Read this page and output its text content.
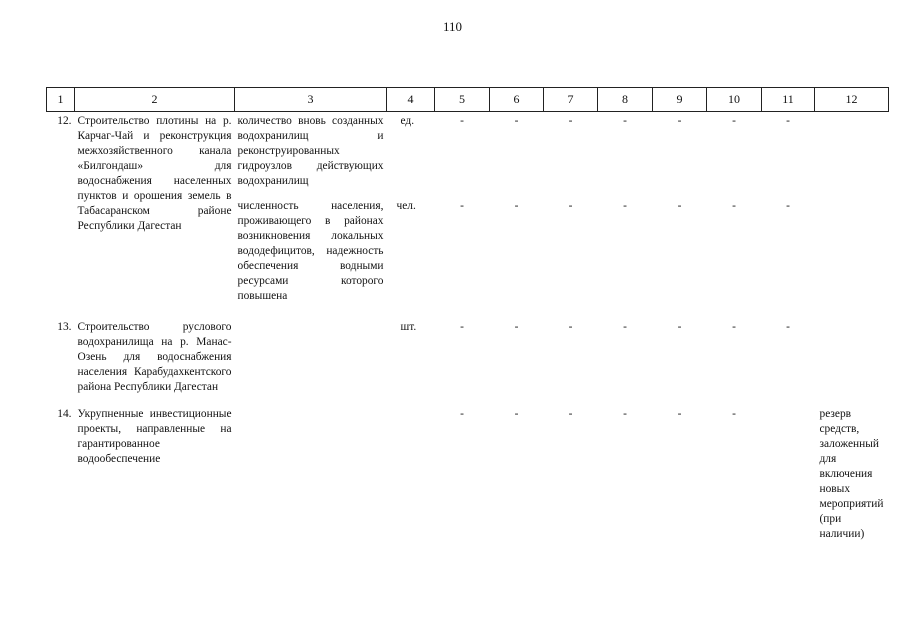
110
1	2	3	4	5	6	7	8	9	10	11	12
12.	Строительство плотины на р. Карчаг-Чай и реконструкция межхозяйственного канала «Билгондаш» для водоснабжения населенных пунктов и орошения земель в Табасаранском районе Республики Дагестан	количество вновь созданных водохранилищ и реконструированных гидроузлов действующих водохранилищ	ед.	-	-	-	-	-	-	-	
		численность населения, проживающего в районах возникновения локальных вододефицитов, надежность обеспечения водными ресурсами которого повышена	чел.	-	-	-	-	-	-	-	
13.	Строительство руслового водохранилища на р. Манас-Озень для водоснабжения населения Карабудахкентского района Республики Дагестан		шт.	-	-	-	-	-	-	-	
14.	Укрупненные инвестиционные проекты, направленные на гарантированное водообеспечение			-	-	-	-	-	-		резерв средств, заложенный для включения новых мероприятий (при наличии)
